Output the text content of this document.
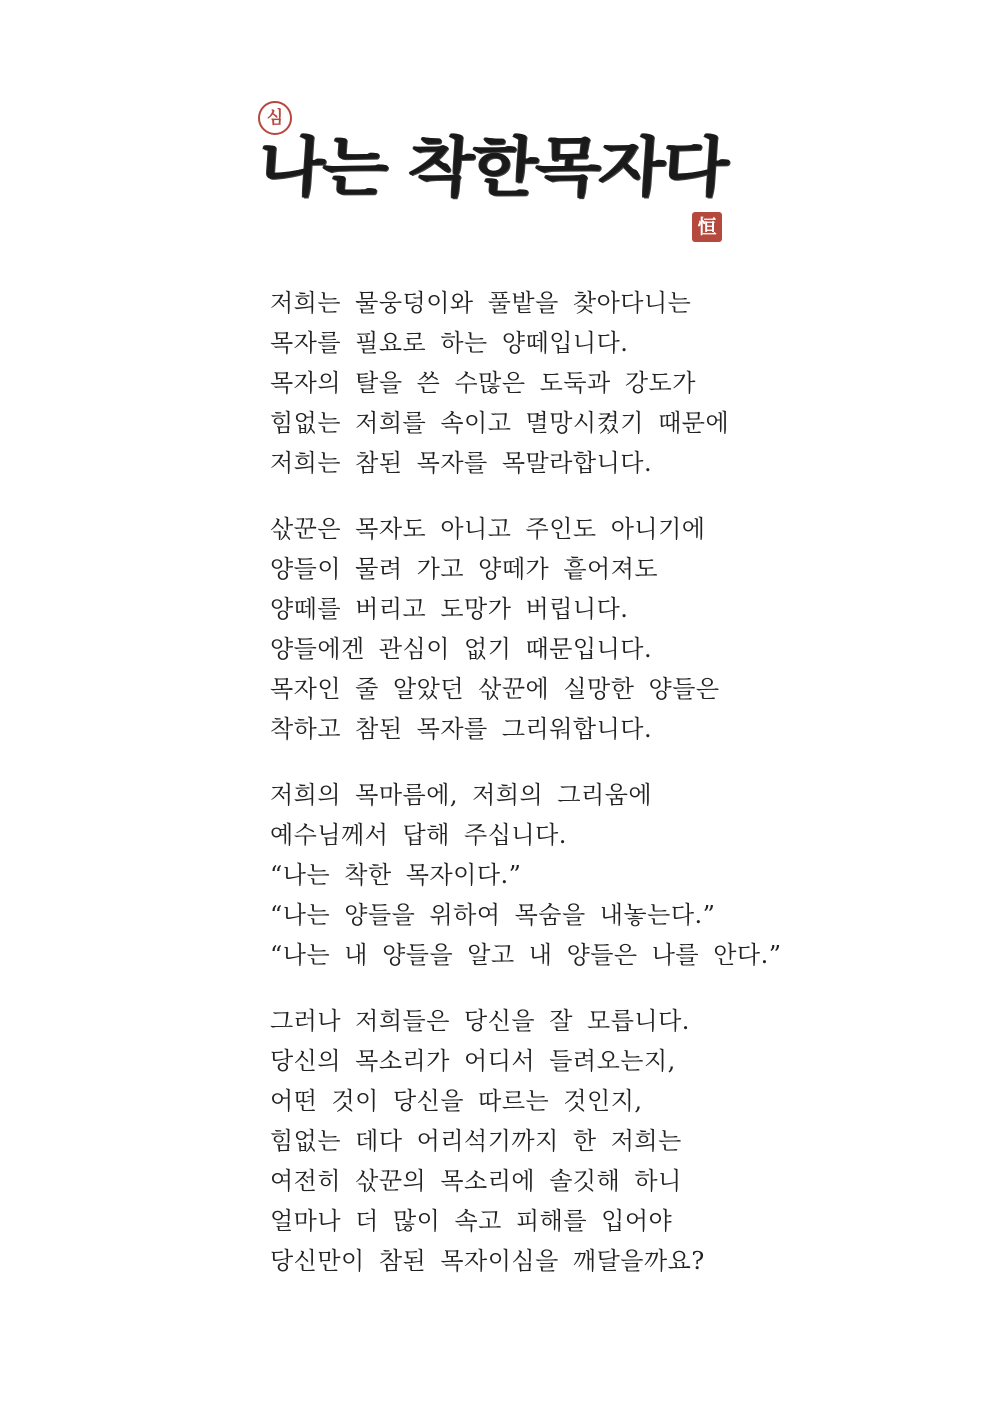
심
나는 착한목자다
恒
저희는 물웅덩이와 풀밭을 찾아다니는
목자를 필요로 하는 양떼입니다.
목자의 탈을 쓴 수많은 도둑과 강도가
힘없는 저희를 속이고 멸망시켰기 때문에
저희는 참된 목자를 목말라합니다.
삯꾼은 목자도 아니고 주인도 아니기에
양들이 물려 가고 양떼가 흩어져도
양떼를 버리고 도망가 버립니다.
양들에겐 관심이 없기 때문입니다.
목자인 줄 알았던 삯꾼에 실망한 양들은
착하고 참된 목자를 그리워합니다.
저희의 목마름에, 저희의 그리움에
예수님께서 답해 주십니다.
“나는 착한 목자이다.”
“나는 양들을 위하여 목숨을 내놓는다.”
“나는 내 양들을 알고 내 양들은 나를 안다.”
그러나 저희들은 당신을 잘 모릅니다.
당신의 목소리가 어디서 들려오는지,
어떤 것이 당신을 따르는 것인지,
힘없는 데다 어리석기까지 한 저희는
여전히 삯꾼의 목소리에 솔깃해 하니
얼마나 더 많이 속고 피해를 입어야
당신만이 참된 목자이심을 깨달을까요?
